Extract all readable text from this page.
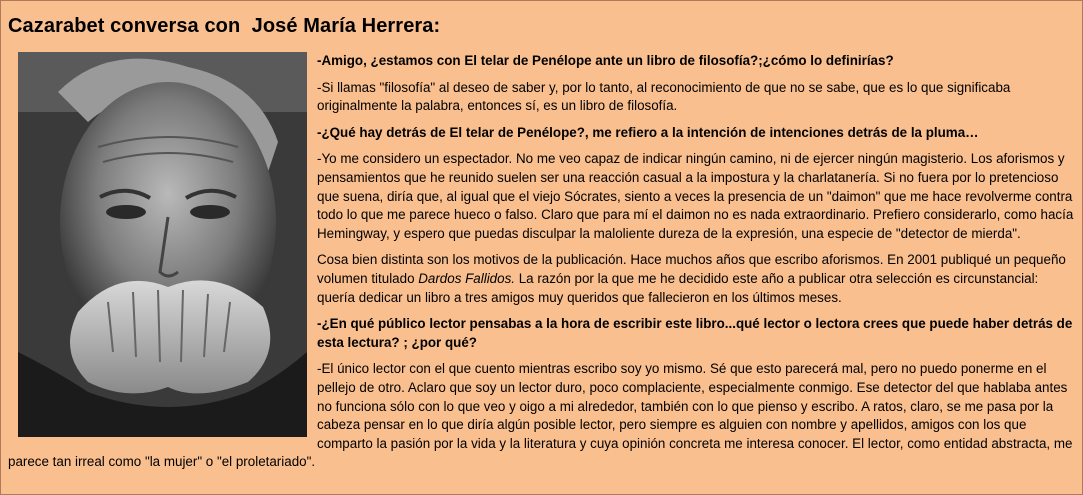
Cazarabet conversa con  José María Herrera:

-Amigo, ¿estamos con El telar de Penélope ante un libro de filosofía?;¿cómo lo definirías?

-Si llamas "filosofía" al deseo de saber y, por lo tanto, al reconocimiento de que no se sabe, que es lo que significaba originalmente la palabra, entonces sí, es un libro de filosofía.

-¿Qué hay detrás de El telar de Penélope?, me refiero a la intención de intenciones detrás de la pluma…

-Yo me considero un espectador. No me veo capaz de indicar ningún camino, ni de ejercer ningún magisterio. Los aforismos y pensamientos que he reunido suelen ser una reacción casual a la impostura y la charlatanería. Si no fuera por lo pretencioso que suena, diría que, al igual que el viejo Sócrates, siento a veces la presencia de un "daimon" que me hace revolverme contra todo lo que me parece hueco o falso. Claro que para mí el daimon no es nada extraordinario. Prefiero considerarlo, como hacía Hemingway, y espero que puedas disculpar la maloliente dureza de la expresión, una especie de "detector de mierda".

Cosa bien distinta son los motivos de la publicación. Hace muchos años que escribo aforismos. En 2001 publiqué un pequeño volumen titulado Dardos Fallidos. La razón por la que me he decidido este año a publicar otra selección es circunstancial: quería dedicar un libro a tres amigos muy queridos que fallecieron en los últimos meses.

-¿En qué público lector pensabas a la hora de escribir este libro...qué lector o lectora crees que puede haber detrás de esta lectura? ; ¿por qué?

-El único lector con el que cuento mientras escribo soy yo mismo. Sé que esto parecerá mal, pero no puedo ponerme en el pellejo de otro. Aclaro que soy un lector duro, poco complaciente, especialmente conmigo. Ese detector del que hablaba antes no funciona sólo con lo que veo y oigo a mi alrededor, también con lo que pienso y escribo. A ratos, claro, se me pasa por la cabeza pensar en lo que diría algún posible lector, pero siempre es alguien con nombre y apellidos, amigos con los que comparto la pasión por la vida y la literatura y cuya opinión concreta me interesa conocer. El lector, como entidad abstracta, me parece tan irreal como "la mujer" o "el proletariado".
